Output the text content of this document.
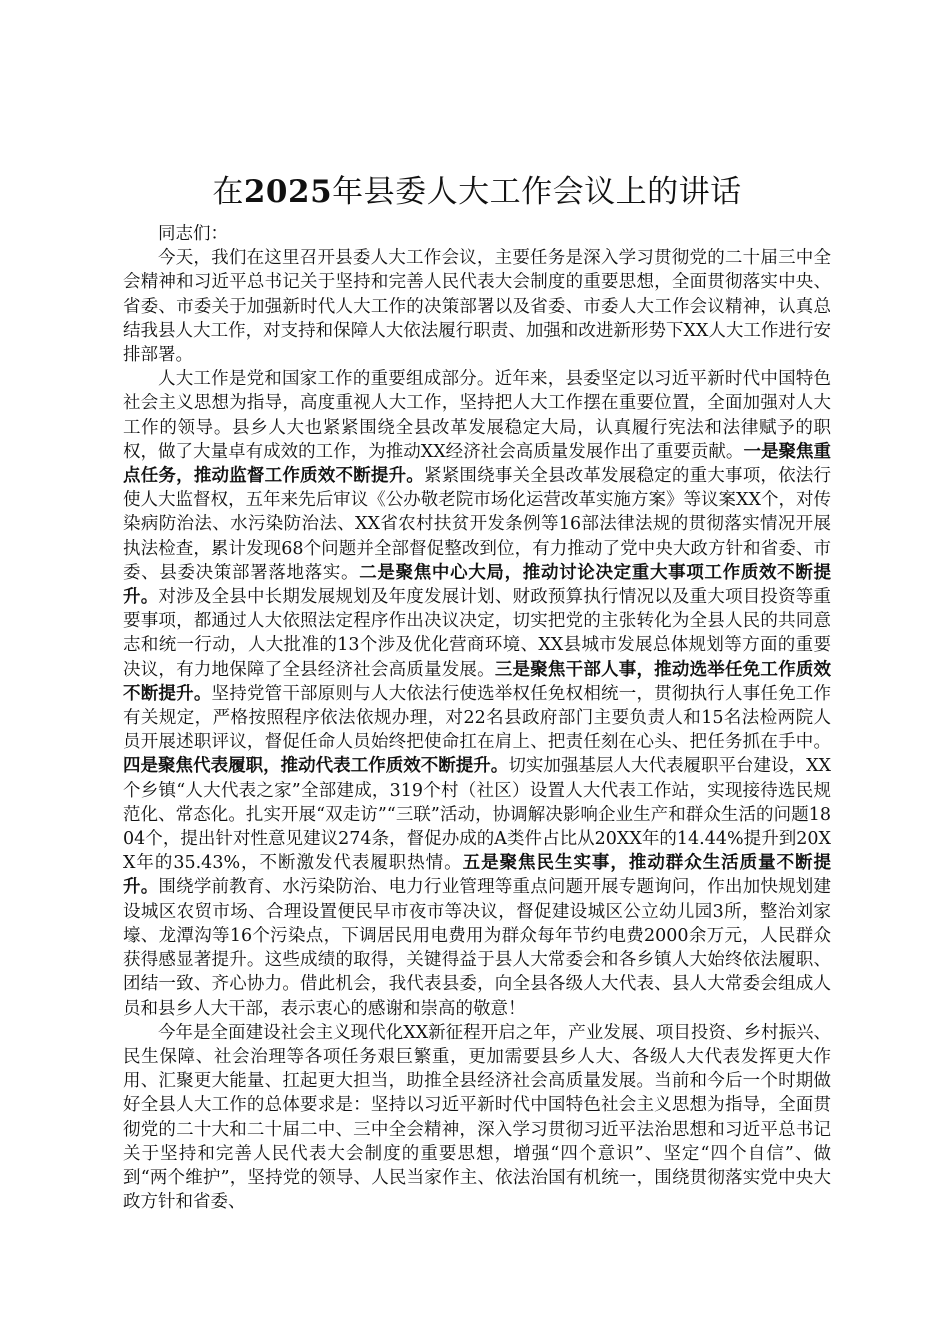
在2025年县委人大工作会议上的讲话

同志们：

今天，我们在这里召开县委人大工作会议，主要任务是深入学习贯彻党的二十届三中全会精神和习近平总书记关于坚持和完善人民代表大会制度的重要思想，全面贯彻落实中央、省委、市委关于加强新时代人大工作的决策部署以及省委、市委人大工作会议精神，认真总结我县人大工作，对支持和保障人大依法履行职责、加强和改进新形势下XX人大工作进行安排部署。

人大工作是党和国家工作的重要组成部分。近年来，县委坚定以习近平新时代中国特色社会主义思想为指导，高度重视人大工作，坚持把人大工作摆在重要位置，全面加强对人大工作的领导。县乡人大也紧紧围绕全县改革发展稳定大局，认真履行宪法和法律赋予的职权，做了大量卓有成效的工作，为推动XX经济社会高质量发展作出了重要贡献。一是聚焦重点任务，推动监督工作质效不断提升。紧紧围绕事关全县改革发展稳定的重大事项，依法行使人大监督权，五年来先后审议《公办敬老院市场化运营改革实施方案》等议案XX个，对传染病防治法、水污染防治法、XX省农村扶贫开发条例等16部法律法规的贯彻落实情况开展执法检查，累计发现68个问题并全部督促整改到位，有力推动了党中央大政方针和省委、市委、县委决策部署落地落实。二是聚焦中心大局，推动讨论决定重大事项工作质效不断提升。对涉及全县中长期发展规划及年度发展计划、财政预算执行情况以及重大项目投资等重要事项，都通过人大依照法定程序作出决议决定，切实把党的主张转化为全县人民的共同意志和统一行动，人大批准的13个涉及优化营商环境、XX县城市发展总体规划等方面的重要决议，有力地保障了全县经济社会高质量发展。三是聚焦干部人事，推动选举任免工作质效不断提升。坚持党管干部原则与人大依法行使选举权任免权相统一，贯彻执行人事任免工作有关规定，严格按照程序依法依规办理，对22名县政府部门主要负责人和15名法检两院人员开展述职评议，督促任命人员始终把使命扛在肩上、把责任刻在心头、把任务抓在手中。四是聚焦代表履职，推动代表工作质效不断提升。切实加强基层人大代表履职平台建设，XX个乡镇“人大代表之家”全部建成，319个村（社区）设置人大代表工作站，实现接待选民规范化、常态化。扎实开展“双走访”“三联”活动，协调解决影响企业生产和群众生活的问题1804个，提出针对性意见建议274条，督促办成的A类件占比从20XX年的14.44%提升到20XX年的35.43%，不断激发代表履职热情。五是聚焦民生实事，推动群众生活质量不断提升。围绕学前教育、水污染防治、电力行业管理等重点问题开展专题询问，作出加快规划建设城区农贸市场、合理设置便民早市夜市等决议，督促建设城区公立幼儿园3所，整治刘家壕、龙潭沟等16个污染点，下调居民用电费用为群众每年节约电费2000余万元，人民群众获得感显著提升。这些成绩的取得，关键得益于县人大常委会和各乡镇人大始终依法履职、团结一致、齐心协力。借此机会，我代表县委，向全县各级人大代表、县人大常委会组成人员和县乡人大干部，表示衷心的感谢和崇高的敬意！

今年是全面建设社会主义现代化XX新征程开启之年，产业发展、项目投资、乡村振兴、民生保障、社会治理等各项任务艰巨繁重，更加需要县乡人大、各级人大代表发挥更大作用、汇聚更大能量、扛起更大担当，助推全县经济社会高质量发展。当前和今后一个时期做好全县人大工作的总体要求是：坚持以习近平新时代中国特色社会主义思想为指导，全面贯彻党的二十大和二十届二中、三中全会精神，深入学习贯彻习近平法治思想和习近平总书记关于坚持和完善人民代表大会制度的重要思想，增强“四个意识”、坚定“四个自信”、做到“两个维护”，坚持党的领导、人民当家作主、依法治国有机统一，围绕贯彻落实党中央大政方针和省委、
